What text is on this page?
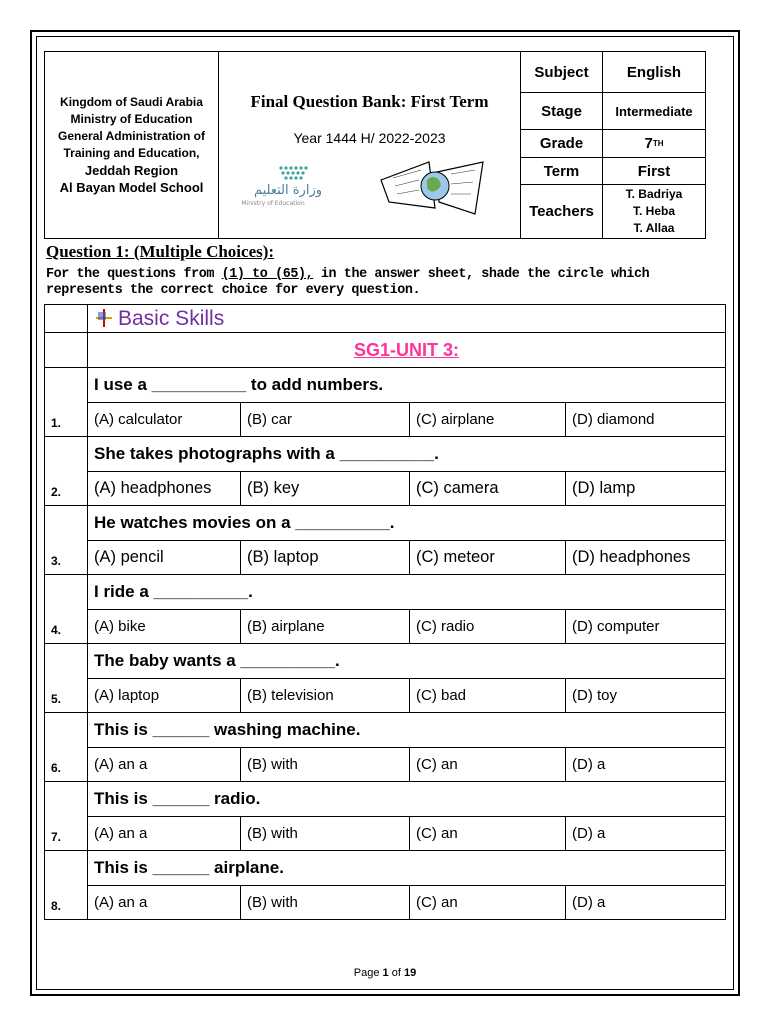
Kingdom of Saudi Arabia
Ministry of Education
General Administration of
Training and Education,
Jeddah Region
Al Bayan Model School
Final Question Bank: First Term
Year 1444 H/ 2022-2023
وزارة التعليم
Ministry of Education
Subject	English
Stage	Intermediate
Grade	7 TH
Term	First
Teachers
T. Badriya
T. Heba
T. Allaa
Question 1: (Multiple Choices):
For the questions from (1) to (65), in the answer sheet, shade the circle which represents the correct choice for every question.

Basic Skills			
	SG1-UNIT 3:			
1.	I use a __________ to add numbers.			
	(A) calculator	(B) car	(C) airplane	(D) diamond
2.	She takes photographs with a __________.			
	(A) headphones	(B) key	(C) camera	(D) lamp
3.	He watches movies on a __________.			
	(A) pencil	(B) laptop	(C) meteor	(D) headphones
4.	I ride a __________.			
	(A) bike	(B) airplane	(C) radio	(D) computer
5.	The baby wants a __________.			
	(A) laptop	(B) television	(C) bad	(D) toy
6.	This is ______ washing machine.			
	(A) an a	(B) with	(C) an	(D) a
7.	This is ______ radio.			
	(A) an a	(B) with	(C) an	(D) a
8.	This is ______ airplane.			
	(A) an a	(B) with	(C) an	(D) a
Page 1 of 19
